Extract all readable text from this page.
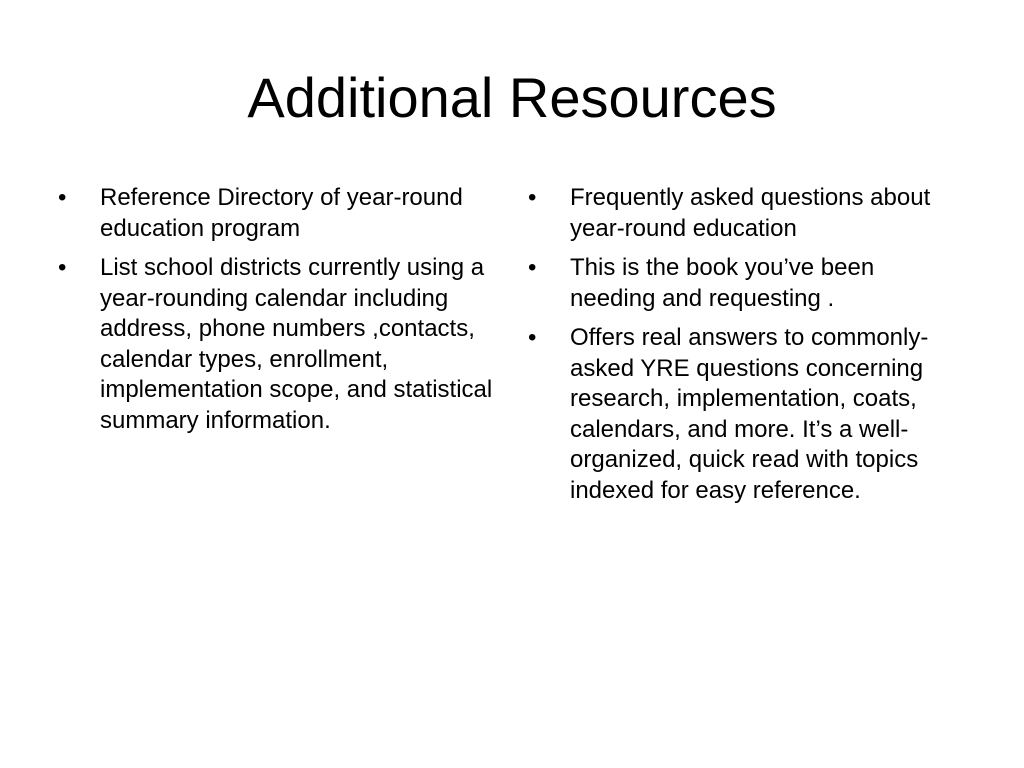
Additional Resources
•	Reference Directory of year-round education program
•	List school districts currently using a year-rounding calendar including address, phone numbers ,contacts, calendar types, enrollment, implementation scope, and statistical summary information.
•	Frequently asked questions about year-round education
•	This is the book you’ve been needing and requesting .
•	Offers real answers to commonly-asked YRE questions concerning research, implementation, coats, calendars, and more. It’s a well-organized, quick read with topics indexed for easy reference.
